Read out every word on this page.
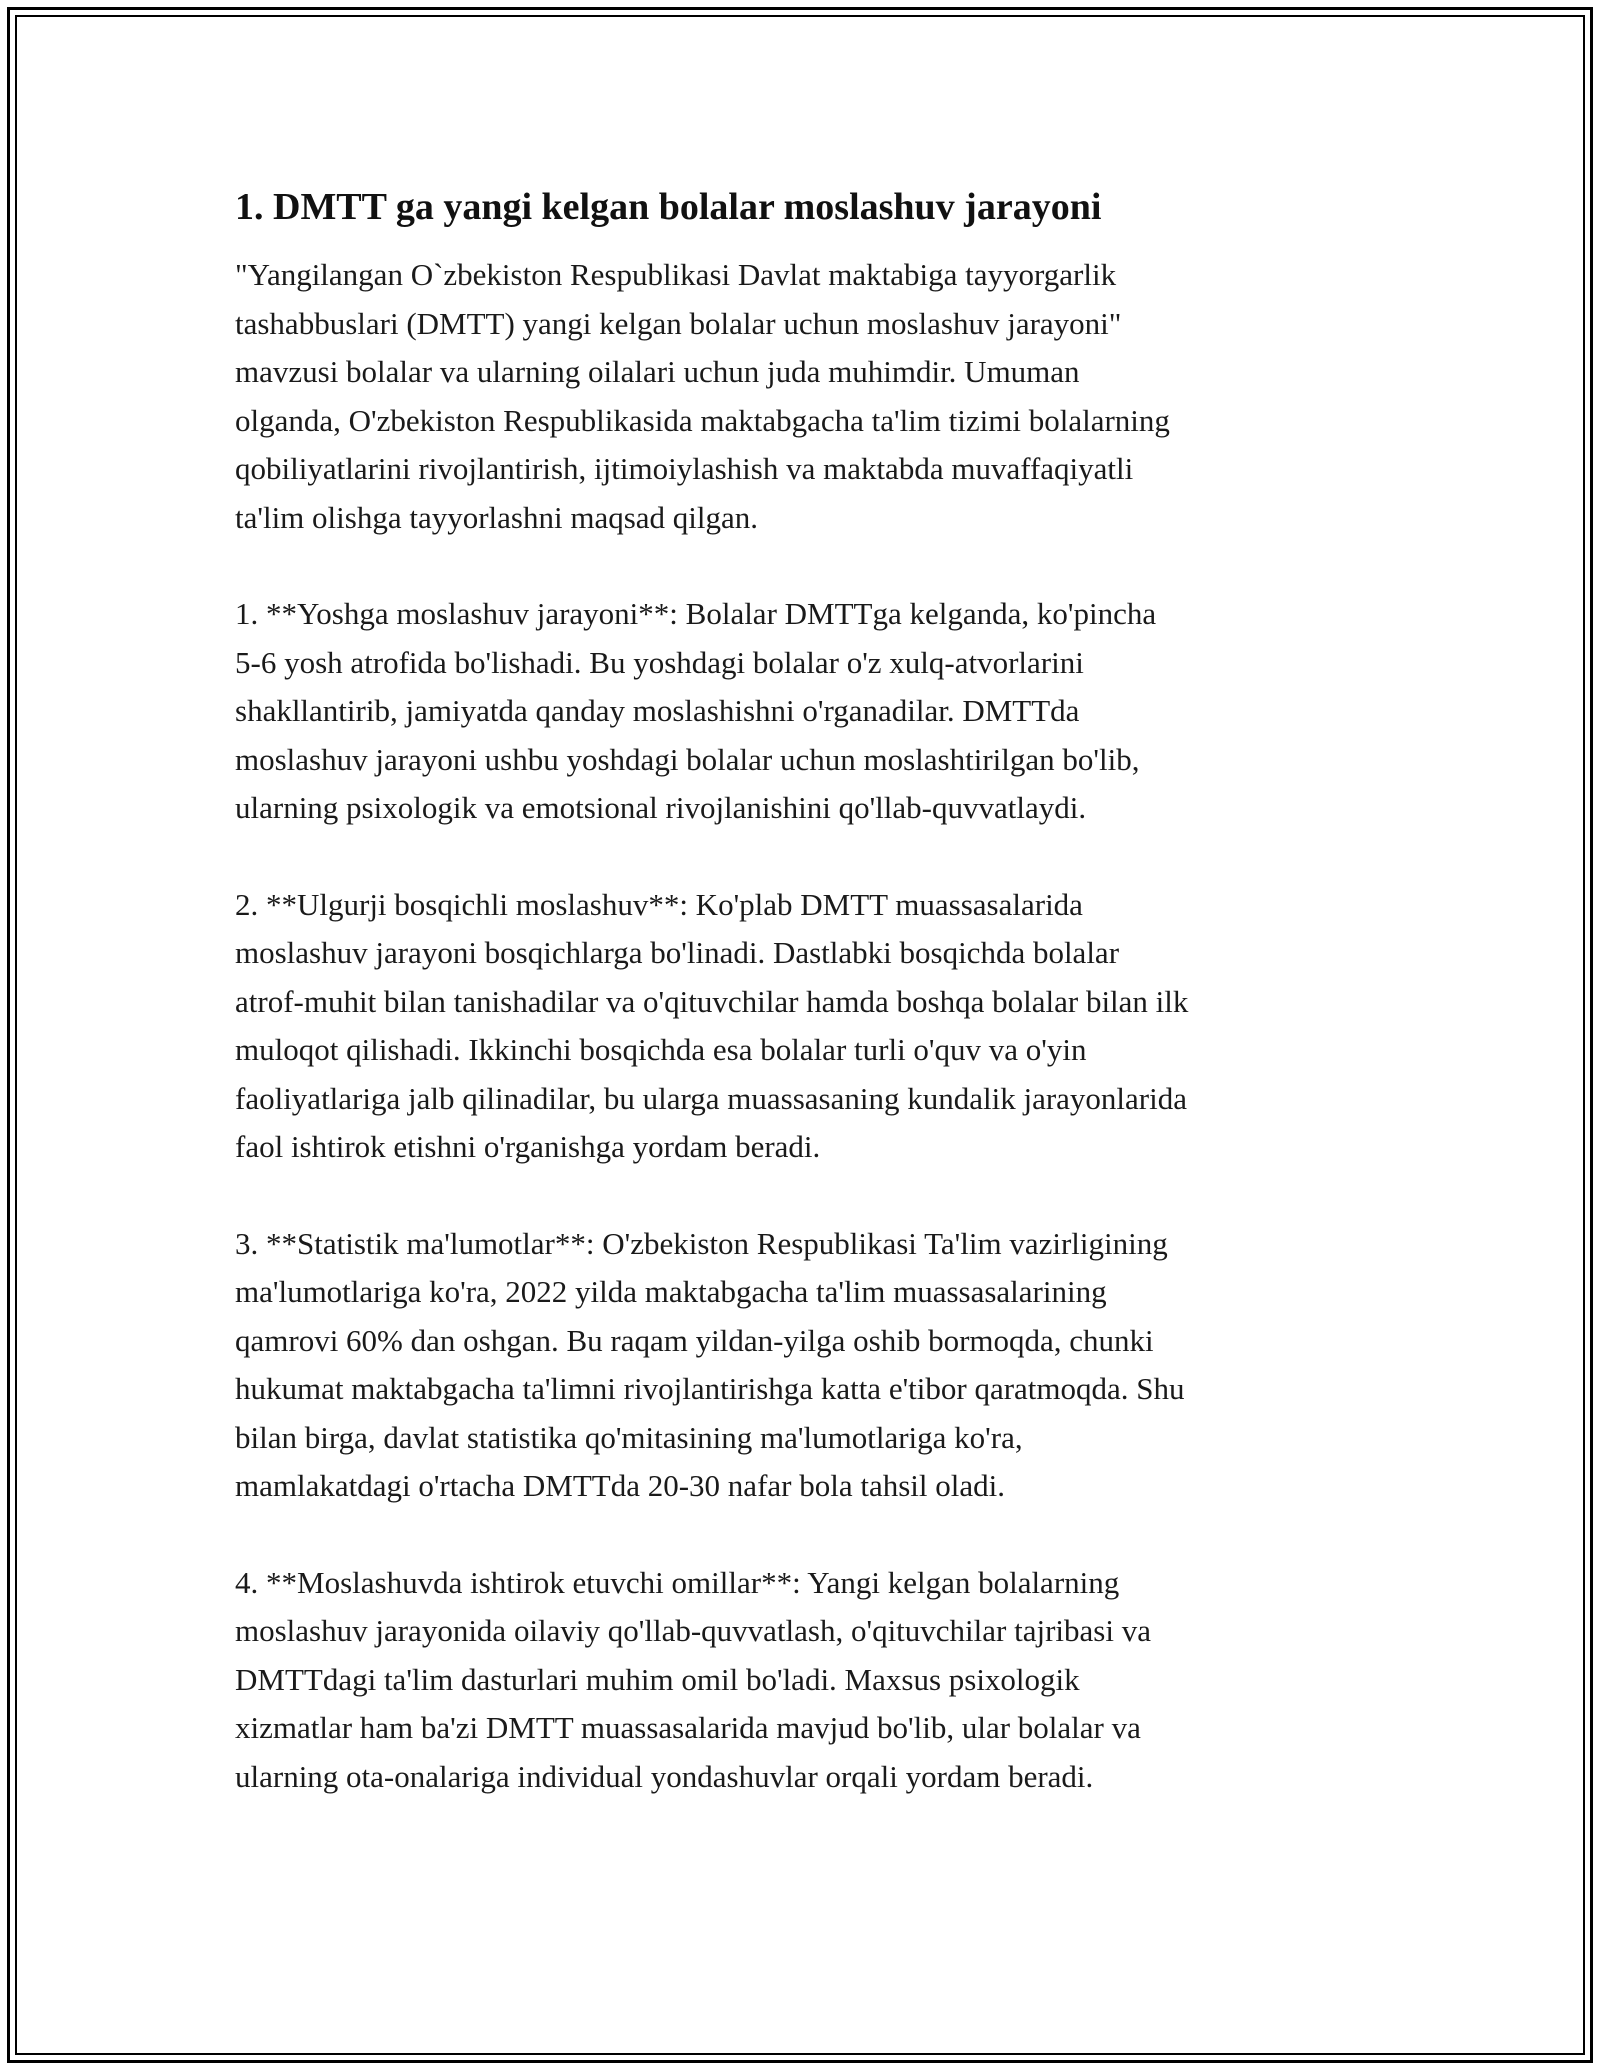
1. DMTT ga yangi kelgan bolalar moslashuv jarayoni

"Yangilangan O`zbekiston Respublikasi Davlat maktabiga tayyorgarlik
tashabbuslari (DMTT) yangi kelgan bolalar uchun moslashuv jarayoni"
mavzusi bolalar va ularning oilalari uchun juda muhimdir. Umuman
olganda, O'zbekiston Respublikasida maktabgacha ta'lim tizimi bolalarning
qobiliyatlarini rivojlantirish, ijtimoiylashish va maktabda muvaffaqiyatli
ta'lim olishga tayyorlashni maqsad qilgan.

1. **Yoshga moslashuv jarayoni**: Bolalar DMTTga kelganda, ko'pincha
5-6 yosh atrofida bo'lishadi. Bu yoshdagi bolalar o'z xulq-atvorlarini
shakllantirib, jamiyatda qanday moslashishni o'rganadilar. DMTTda
moslashuv jarayoni ushbu yoshdagi bolalar uchun moslashtirilgan bo'lib,
ularning psixologik va emotsional rivojlanishini qo'llab-quvvatlaydi.

2. **Ulgurji bosqichli moslashuv**: Ko'plab DMTT muassasalarida
moslashuv jarayoni bosqichlarga bo'linadi. Dastlabki bosqichda bolalar
atrof-muhit bilan tanishadilar va o'qituvchilar hamda boshqa bolalar bilan ilk
muloqot qilishadi. Ikkinchi bosqichda esa bolalar turli o'quv va o'yin
faoliyatlariga jalb qilinadilar, bu ularga muassasaning kundalik jarayonlarida
faol ishtirok etishni o'rganishga yordam beradi.

3. **Statistik ma'lumotlar**: O'zbekiston Respublikasi Ta'lim vazirligining
ma'lumotlariga ko'ra, 2022 yilda maktabgacha ta'lim muassasalarining
qamrovi 60% dan oshgan. Bu raqam yildan-yilga oshib bormoqda, chunki
hukumat maktabgacha ta'limni rivojlantirishga katta e'tibor qaratmoqda. Shu
bilan birga, davlat statistika qo'mitasining ma'lumotlariga ko'ra,
mamlakatdagi o'rtacha DMTTda 20-30 nafar bola tahsil oladi.

4. **Moslashuvda ishtirok etuvchi omillar**: Yangi kelgan bolalarning
moslashuv jarayonida oilaviy qo'llab-quvvatlash, o'qituvchilar tajribasi va
DMTTdagi ta'lim dasturlari muhim omil bo'ladi. Maxsus psixologik
xizmatlar ham ba'zi DMTT muassasalarida mavjud bo'lib, ular bolalar va
ularning ota-onalariga individual yondashuvlar orqali yordam beradi.
